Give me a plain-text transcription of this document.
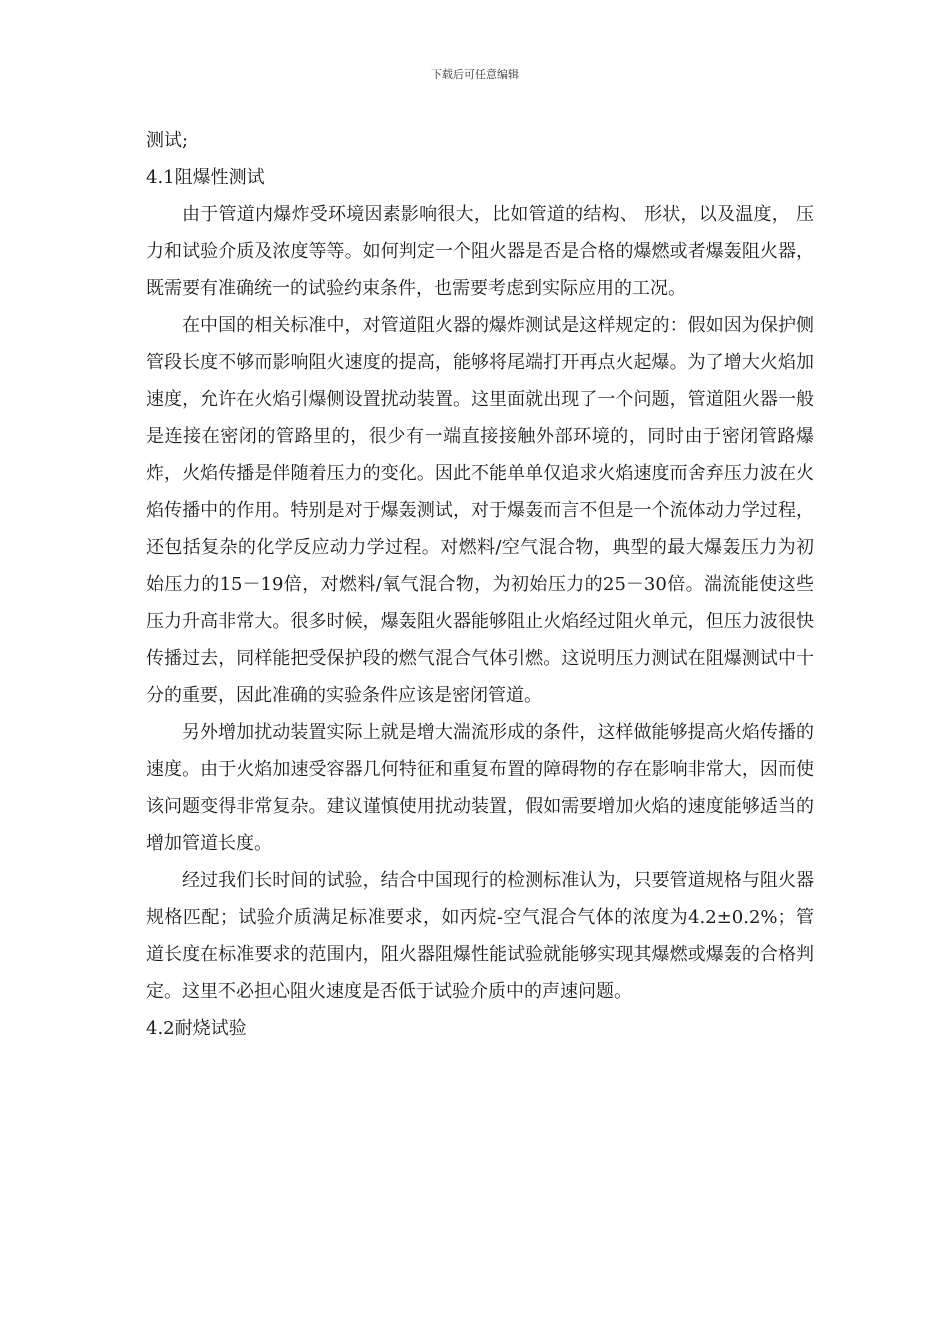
下载后可任意编辑
测试;
4.1阻爆性测试

由于管道内爆炸受环境因素影响很大，比如管道的结构、 形状，以及温度， 压力和试验介质及浓度等等。如何判定一个阻火器是否是合格的爆燃或者爆轰阻火器，既需要有准确统一的试验约束条件，也需要考虑到实际应用的工况。

在中国的相关标准中，对管道阻火器的爆炸测试是这样规定的：假如因为保护侧管段长度不够而影响阻火速度的提高，能够将尾端打开再点火起爆。为了增大火焰加速度，允许在火焰引爆侧设置扰动装置。这里面就出现了一个问题，管道阻火器一般是连接在密闭的管路里的，很少有一端直接接触外部环境的，同时由于密闭管路爆炸，火焰传播是伴随着压力的变化。因此不能单单仅追求火焰速度而舍弃压力波在火焰传播中的作用。特别是对于爆轰测试，对于爆轰而言不但是一个流体动力学过程，还包括复杂的化学反应动力学过程。对燃料/空气混合物，典型的最大爆轰压力为初始压力的15－19倍，对燃料/氧气混合物，为初始压力的25－30倍。湍流能使这些压力升高非常大。很多时候，爆轰阻火器能够阻止火焰经过阻火单元，但压力波很快传播过去，同样能把受保护段的燃气混合气体引燃。这说明压力测试在阻爆测试中十分的重要，因此准确的实验条件应该是密闭管道。

另外增加扰动装置实际上就是增大湍流形成的条件，这样做能够提高火焰传播的速度。由于火焰加速受容器几何特征和重复布置的障碍物的存在影响非常大，因而使该问题变得非常复杂。建议谨慎使用扰动装置，假如需要增加火焰的速度能够适当的增加管道长度。

经过我们长时间的试验，结合中国现行的检测标准认为，只要管道规格与阻火器规格匹配；试验介质满足标准要求，如丙烷-空气混合气体的浓度为4.2±0.2%；管道长度在标准要求的范围内，阻火器阻爆性能试验就能够实现其爆燃或爆轰的合格判定。这里不必担心阻火速度是否低于试验介质中的声速问题。

4.2耐烧试验
